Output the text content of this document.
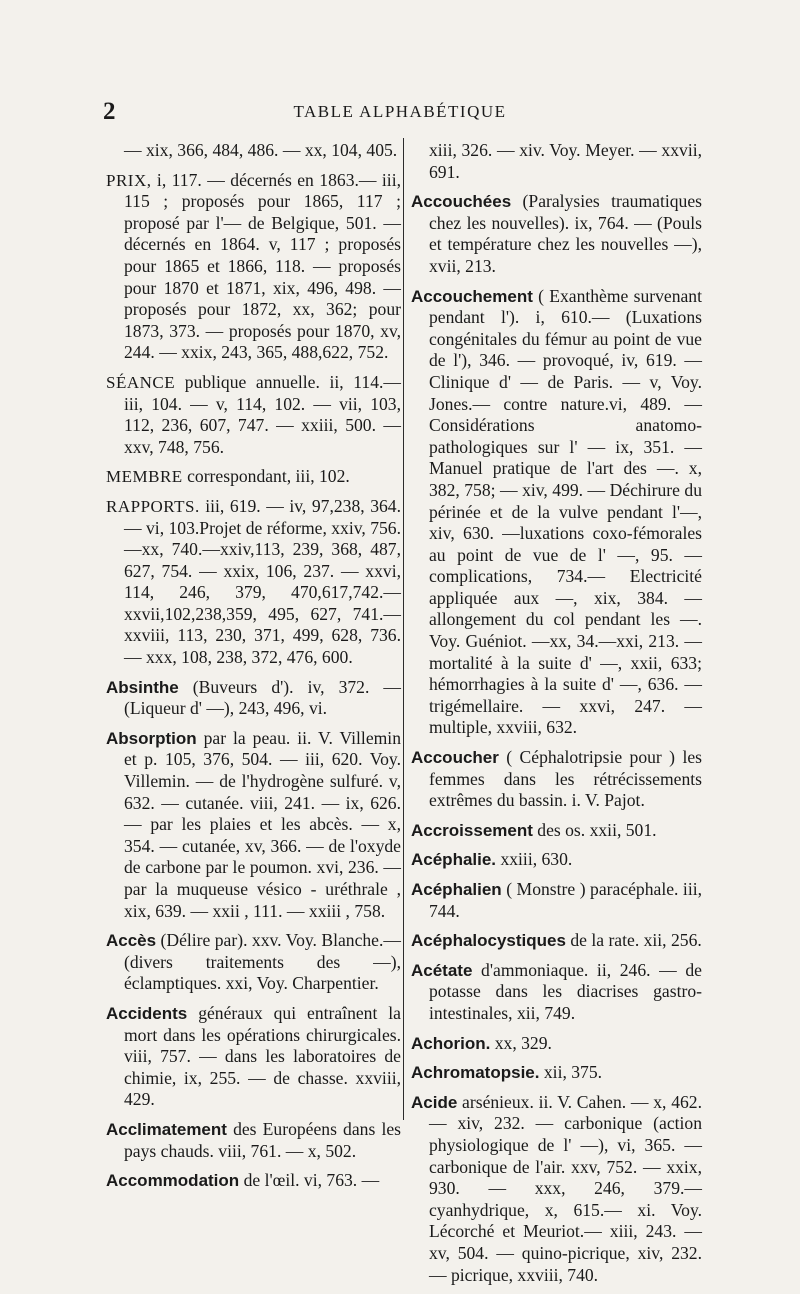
2	TABLE ALPHABÉTIQUE

— xix, 366, 484, 486. — xx, 104, 405.

PRIX, i, 117. — décernés en 1863.— iii, 115 ; proposés pour 1865, 117 ; proposé par l'— de Belgique, 501. — décernés en 1864. v, 117 ; proposés pour 1865 et 1866, 118. — proposés pour 1870 et 1871, xix, 496, 498. — proposés pour 1872, xx, 362; pour 1873, 373. — proposés pour 1870, xv, 244. — xxix, 243, 365, 488,622, 752.

SÉANCE publique annuelle. ii, 114.— iii, 104. — v, 114, 102. — vii, 103, 112, 236, 607, 747. — xxiii, 500. — xxv, 748, 756.

MEMBRE correspondant, iii, 102.

RAPPORTS. iii, 619. — iv, 97,238, 364. — vi, 103.Projet de réforme, xxiv, 756.—xx, 740.—xxiv,113, 239, 368, 487, 627, 754. — xxix, 106, 237. — xxvi, 114, 246, 379, 470,617,742.—xxvii,102,238,359, 495, 627, 741.— xxviii, 113, 230, 371, 499, 628, 736. — xxx, 108, 238, 372, 476, 600.

Absinthe (Buveurs d'). iv, 372. — (Liqueur d' —), 243, 496, vi.

Absorption par la peau. ii. V. Villemin et p. 105, 376, 504. — iii, 620. Voy. Villemin. — de l'hydrogène sulfuré. v, 632. — cutanée. viii, 241. — ix, 626. — par les plaies et les abcès. — x, 354. — cutanée, xv, 366. — de l'oxyde de carbone par le poumon. xvi, 236. — par la muqueuse vésico - uréthrale , xix, 639. — xxii , 111. — xxiii , 758.

Accès (Délire par). xxv. Voy. Blanche.— (divers traitements des —), éclamptiques. xxi, Voy. Charpentier.

Accidents généraux qui entraînent la mort dans les opérations chirurgicales. viii, 757. — dans les laboratoires de chimie, ix, 255. — de chasse. xxviii, 429.

Acclimatement des Européens dans les pays chauds. viii, 761. — x, 502.

Accommodation de l'œil. vi, 763. —

xiii, 326. — xiv. Voy. Meyer. — xxvii, 691.

Accouchées (Paralysies traumatiques chez les nouvelles). ix, 764. — (Pouls et température chez les nouvelles —), xvii, 213.

Accouchement ( Exanthème survenant pendant l'). i, 610.— (Luxations congénitales du fémur au point de vue de l'), 346. — provoqué, iv, 619. — Clinique d' — de Paris. — v, Voy. Jones.— contre nature.vi, 489. — Considérations anatomo-pathologiques sur l' — ix, 351. — Manuel pratique de l'art des —. x, 382, 758; — xiv, 499. — Déchirure du périnée et de la vulve pendant l'—, xiv, 630. —luxations coxo-fémorales au point de vue de l' —, 95. — complications, 734.— Electricité appliquée aux —, xix, 384. — allongement du col pendant les —. Voy. Guéniot. —xx, 34.—xxi, 213. — mortalité à la suite d' —, xxii, 633; hémorrhagies à la suite d' —, 636. — trigémellaire. — xxvi, 247. — multiple, xxviii, 632.

Accoucher ( Céphalotripsie pour ) les femmes dans les rétrécissements extrêmes du bassin. i. V. Pajot.

Accroissement des os. xxii, 501.

Acéphalie. xxiii, 630.

Acéphalien ( Monstre ) paracéphale. iii, 744.

Acéphalocystiques de la rate. xii, 256.

Acétate d'ammoniaque. ii, 246. — de potasse dans les diacrises gastro-intestinales, xii, 749.

Achorion. xx, 329.

Achromatopsie. xii, 375.

Acide arsénieux. ii. V. Cahen. — x, 462. — xiv, 232. — carbonique (action physiologique de l' —), vi, 365. — carbonique de l'air. xxv, 752. — xxix, 930. — xxx, 246, 379.— cyanhydrique, x, 615.— xi. Voy. Lécorché et Meuriot.— xiii, 243. — xv, 504. — quino-picrique, xiv, 232. — picrique, xxviii, 740.
